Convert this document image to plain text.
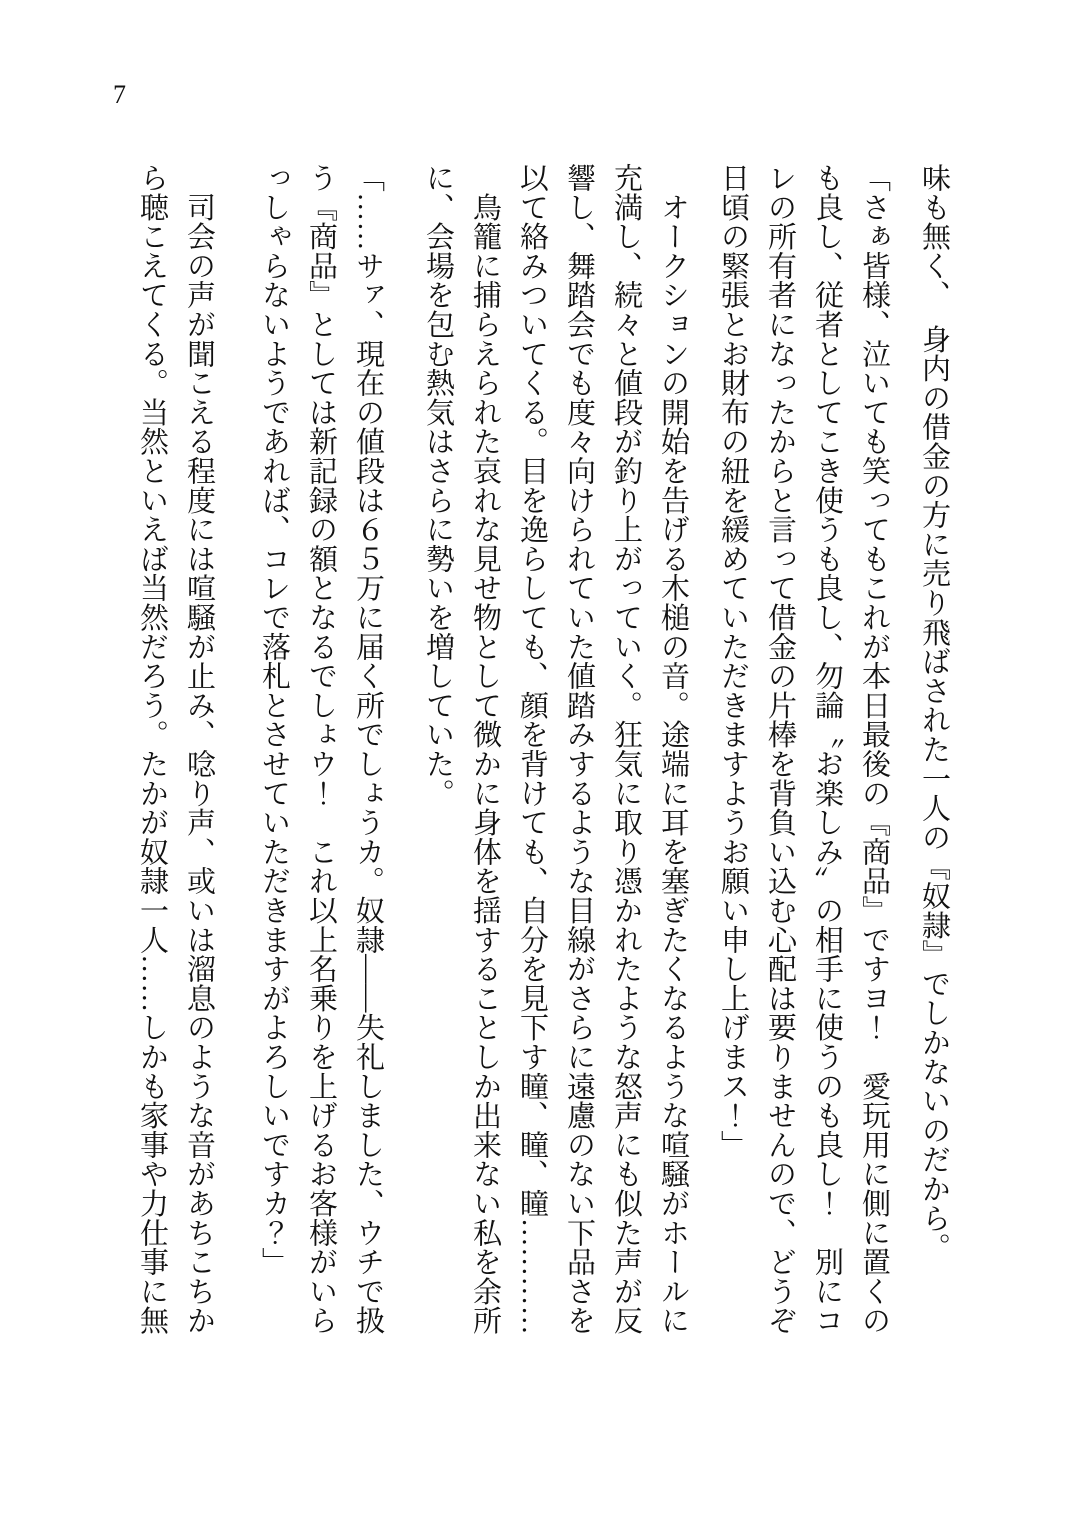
7

味も無く、　身内の借金の方に売り飛ばされた一人の『奴隷』でしかないのだから。

「さぁ皆様、泣いても笑ってもこれが本日最後の『商品』ですヨ！　愛玩用に側に置くのも良し、従者としてこき使うも良し、勿論〝お楽しみ〟の相手に使うのも良し！　別にコレの所有者になったからと言って借金の片棒を背負い込む心配は要りませんので、どうぞ日頃の緊張とお財布の紐を緩めていただきますようお願い申し上げまス！」

　オークションの開始を告げる木槌の音。途端に耳を塞ぎたくなるような喧騒がホールに充満し、続々と値段が釣り上がっていく。狂気に取り憑かれたような怒声にも似た声が反響し、舞踏会でも度々向けられていた値踏みするような目線がさらに遠慮のない下品さを以て絡みついてくる。目を逸らしても、顔を背けても、自分を見下す瞳、瞳、瞳…………

　鳥籠に捕らえられた哀れな見せ物として微かに身体を揺することしか出来ない私を余所に、会場を包む熱気はさらに勢いを増していた。

「……サァ、現在の値段は６５万に届く所でしょうカ。奴隷――失礼しました、ウチで扱う『商品』としては新記録の額となるでしょウ！　これ以上名乗りを上げるお客様がいらっしゃらないようであれば、コレで落札とさせていただきますがよろしいですカ？」

　司会の声が聞こえる程度には喧騒が止み、唸り声、或いは溜息のような音があちこちから聴こえてくる。当然といえば当然だろう。たかが奴隷一人……しかも家事や力仕事に無
